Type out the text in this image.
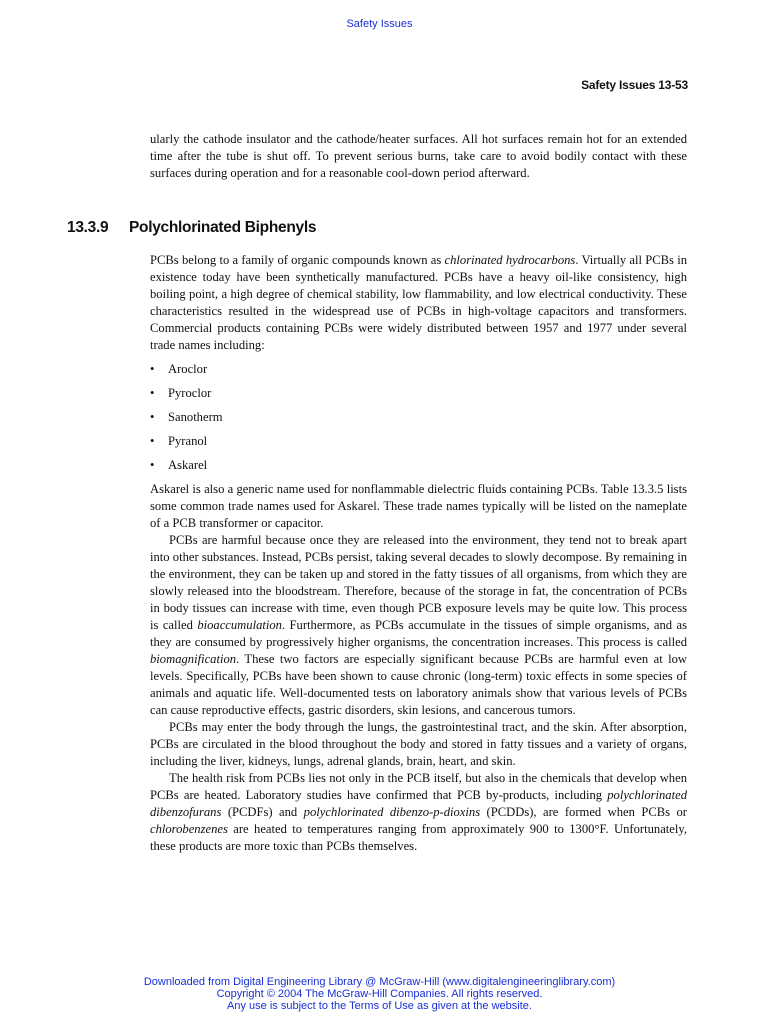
Safety Issues
Safety Issues 13-53
ularly the cathode insulator and the cathode/heater surfaces. All hot surfaces remain hot for an extended time after the tube is shut off. To prevent serious burns, take care to avoid bodily contact with these surfaces during operation and for a reasonable cool-down period afterward.
13.3.9 Polychlorinated Biphenyls
PCBs belong to a family of organic compounds known as chlorinated hydrocarbons. Virtually all PCBs in existence today have been synthetically manufactured. PCBs have a heavy oil-like consistency, high boiling point, a high degree of chemical stability, low flammability, and low electrical conductivity. These characteristics resulted in the widespread use of PCBs in high-voltage capacitors and transformers. Commercial products containing PCBs were widely distributed between 1957 and 1977 under several trade names including:
• Aroclor
• Pyroclor
• Sanotherm
• Pyranol
• Askarel

Askarel is also a generic name used for nonflammable dielectric fluids containing PCBs. Table 13.3.5 lists some common trade names used for Askarel. These trade names typically will be listed on the nameplate of a PCB transformer or capacitor.

PCBs are harmful because once they are released into the environment, they tend not to break apart into other substances. Instead, PCBs persist, taking several decades to slowly decompose. By remaining in the environment, they can be taken up and stored in the fatty tissues of all organisms, from which they are slowly released into the bloodstream. Therefore, because of the storage in fat, the concentration of PCBs in body tissues can increase with time, even though PCB exposure levels may be quite low. This process is called bioaccumulation. Furthermore, as PCBs accumulate in the tissues of simple organisms, and as they are consumed by progressively higher organisms, the concentration increases. This process is called biomagnification. These two factors are especially significant because PCBs are harmful even at low levels. Specifically, PCBs have been shown to cause chronic (long-term) toxic effects in some species of animals and aquatic life. Well-documented tests on laboratory animals show that various levels of PCBs can cause reproductive effects, gastric disorders, skin lesions, and cancerous tumors.

PCBs may enter the body through the lungs, the gastrointestinal tract, and the skin. After absorption, PCBs are circulated in the blood throughout the body and stored in fatty tissues and a variety of organs, including the liver, kidneys, lungs, adrenal glands, brain, heart, and skin.

The health risk from PCBs lies not only in the PCB itself, but also in the chemicals that develop when PCBs are heated. Laboratory studies have confirmed that PCB by-products, including polychlorinated dibenzofurans (PCDFs) and polychlorinated dibenzo-p-dioxins (PCDDs), are formed when PCBs or chlorobenzenes are heated to temperatures ranging from approximately 900 to 1300°F. Unfortunately, these products are more toxic than PCBs themselves.

Downloaded from Digital Engineering Library @ McGraw-Hill (www.digitalengineeringlibrary.com)
Copyright © 2004 The McGraw-Hill Companies. All rights reserved.
Any use is subject to the Terms of Use as given at the website.
